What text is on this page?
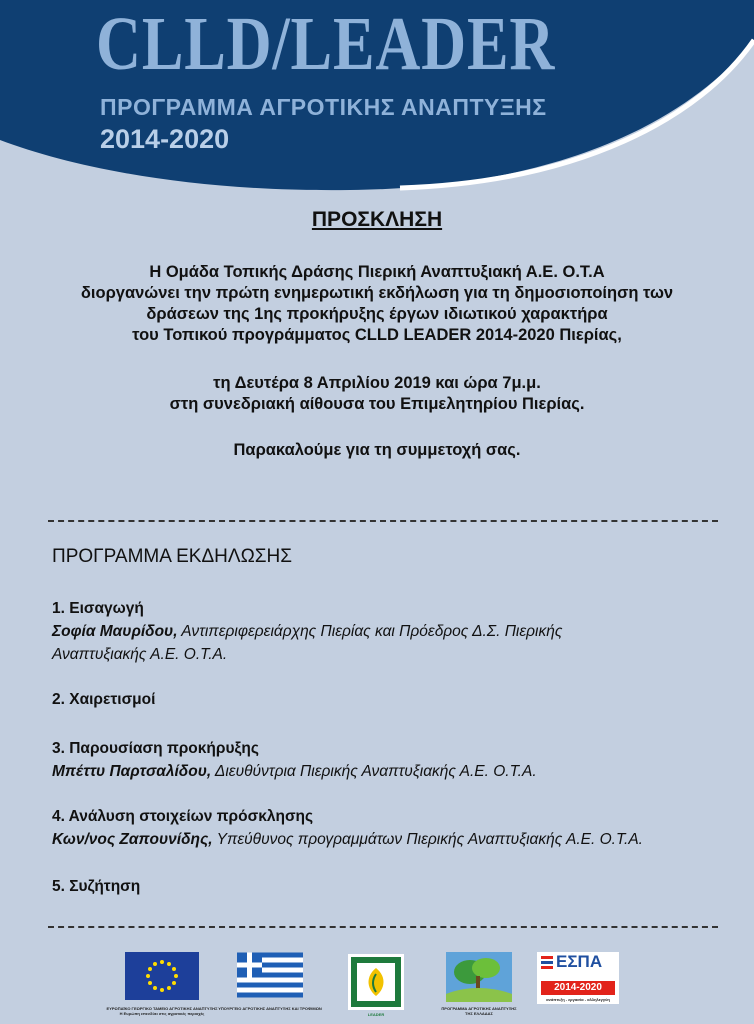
CLLD/LEADER
ΠΡΟΓΡΑΜΜΑ ΑΓΡΟΤΙΚΗΣ ΑΝΑΠΤΥΞΗΣ
2014-2020
ΠΡΟΣΚΛΗΣΗ
Η Ομάδα Τοπικής Δράσης Πιερική Αναπτυξιακή Α.Ε. Ο.Τ.Α
διοργανώνει την πρώτη ενημερωτική εκδήλωση για τη δημοσιοποίηση των
δράσεων της 1ης προκήρυξης έργων ιδιωτικού χαρακτήρα
του Τοπικού προγράμματος CLLD LEADER 2014-2020 Πιερίας,
τη Δευτέρα 8 Απριλίου 2019 και ώρα 7μ.μ.
στη συνεδριακή αίθουσα του Επιμελητηρίου Πιερίας.
Παρακαλούμε για τη συμμετοχή σας.
ΠΡΟΓΡΑΜΜΑ ΕΚΔΗΛΩΣΗΣ
1. Εισαγωγή
Σοφία Μαυρίδου, Αντιπεριφερειάρχης Πιερίας και Πρόεδρος Δ.Σ. Πιερικής
Αναπτυξιακής Α.Ε. Ο.Τ.Α.
2. Χαιρετισμοί
3. Παρουσίαση προκήρυξης
Μπέττυ Παρτσαλίδου, Διευθύντρια Πιερικής Αναπτυξιακής Α.Ε. Ο.Τ.Α.
4. Ανάλυση στοιχείων πρόσκλησης
Κων/νος Ζαπουνίδης, Υπεύθυνος προγραμμάτων Πιερικής Αναπτυξιακής Α.Ε. Ο.Τ.Α.
5. Συζήτηση
ΕΥΡΩΠΑΪΚΟ ΓΕΩΡΓΙΚΟ ΤΑΜΕΙΟ ΑΓΡΟΤΙΚΗΣ ΑΝΑΠΤΥΞΗΣ
Η Ευρώπη επενδύει στις αγροτικές περιοχές
ΥΠΟΥΡΓΕΙΟ ΑΓΡΟΤΙΚΗΣ ΑΝΑΠΤΥΞΗΣ ΚΑΙ ΤΡΟΦΙΜΩΝ
LEADER
ΠΡΟΓΡΑΜΜΑ ΑΓΡΟΤΙΚΗΣ ΑΝΑΠΤΥΞΗΣ
ΤΗΣ ΕΛΛΑΔΑΣ
ΕΣΠΑ
2014-2020
ανάπτυξη - εργασία - αλληλεγγύη
